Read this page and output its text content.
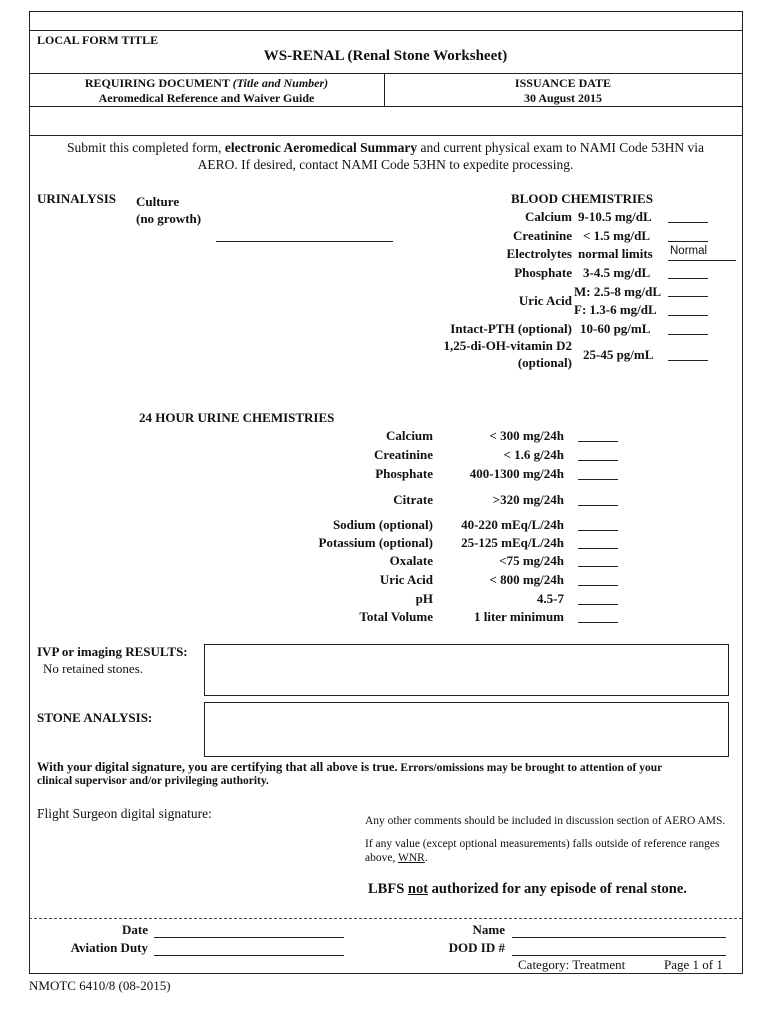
LOCAL FORM TITLE
WS-RENAL (Renal Stone Worksheet)
REQUIRING DOCUMENT (Title and Number)
Aeromedical Reference and Waiver Guide
ISSUANCE DATE
30 August 2015
Submit this completed form, electronic Aeromedical Summary and current physical exam to NAMI Code 53HN via
AERO. If desired, contact NAMI Code 53HN to expedite processing.
URINALYSIS Culture
(no growth)
BLOOD CHEMISTRIES
Calcium 9-10.5 mg/dL
Creatinine < 1.5 mg/dL
Electrolytes normal limits Normal
Phosphate 3-4.5 mg/dL
Uric Acid
M: 2.5-8 mg/dL
F: 1.3-6 mg/dL
Intact-PTH (optional) 10-60 pg/mL
1,25-di-OH-vitamin D2
(optional)
25-45 pg/mL
24 HOUR URINE CHEMISTRIES
Calcium	< 300 mg/24h
Creatinine	< 1.6 g/24h
Phosphate	400-1300 mg/24h
Citrate	>320 mg/24h
Sodium (optional)	40-220 mEq/L/24h
Potassium (optional)	25-125 mEq/L/24h
Oxalate	<75 mg/24h
Uric Acid	< 800 mg/24h
pH	4.5-7
Total Volume	1 liter minimum
IVP or imaging RESULTS:
No retained stones.
STONE ANALYSIS:
With your digital signature, you are certifying that all above is true. Errors/omissions may be brought to attention of your
clinical supervisor and/or privileging authority.
Flight Surgeon digital signature:	Any other comments should be included in discussion section of AERO AMS.
If any value (except optional measurements) falls outside of reference ranges
above, WNR.
LBFS not authorized for any episode of renal stone.
Date
Aviation Duty
Name
DOD ID #
Category: Treatment	Page 1 of 1
NMOTC 6410/8 (08-2015)
